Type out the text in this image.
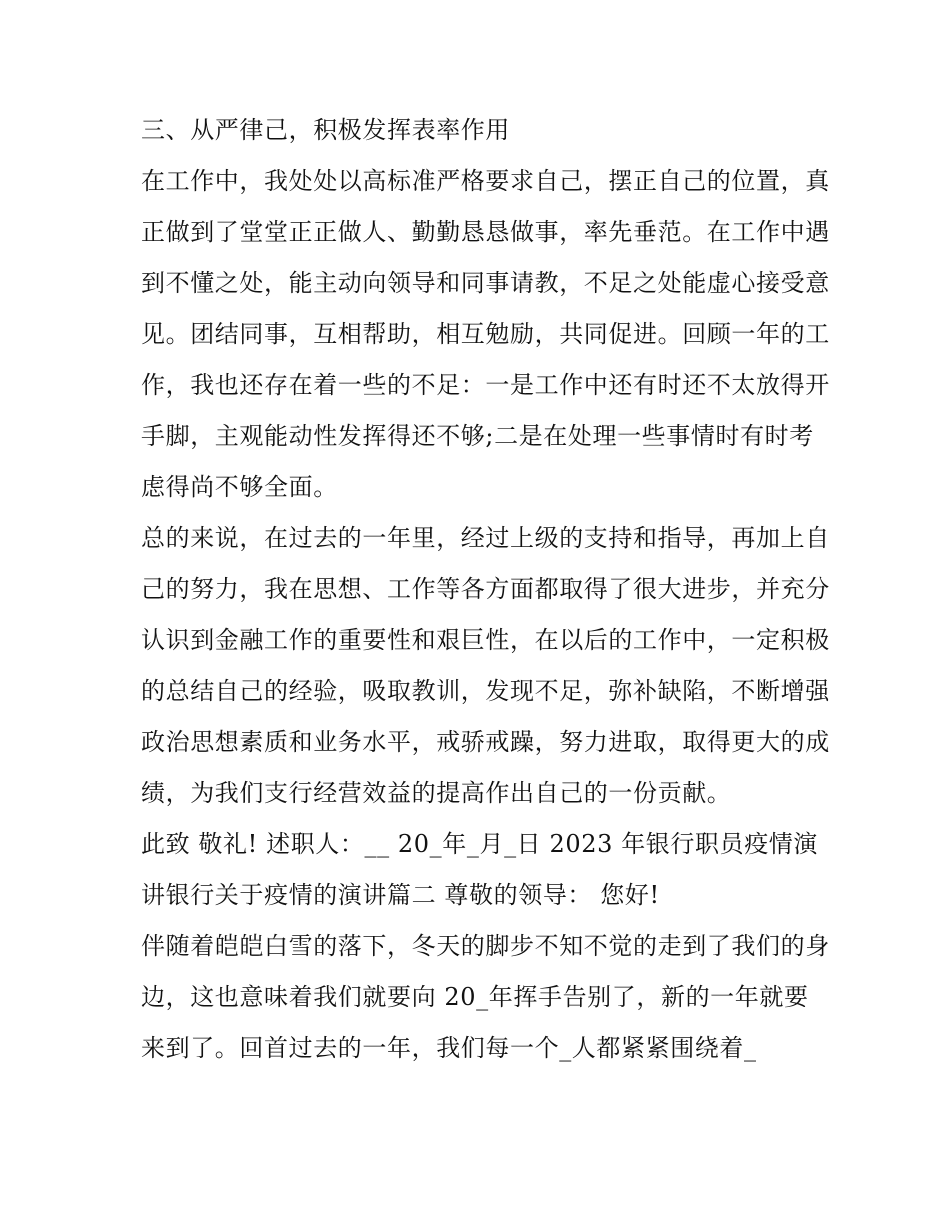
三、从严律己，积极发挥表率作用

在工作中，我处处以高标准严格要求自己，摆正自己的位置，真正做到了堂堂正正做人、勤勤恳恳做事，率先垂范。在工作中遇到不懂之处，能主动向领导和同事请教，不足之处能虚心接受意见。团结同事，互相帮助，相互勉励，共同促进。回顾一年的工作，我也还存在着一些的不足：一是工作中还有时还不太放得开手脚，主观能动性发挥得还不够;二是在处理一些事情时有时考虑得尚不够全面。

总的来说，在过去的一年里，经过上级的支持和指导，再加上自己的努力，我在思想、工作等各方面都取得了很大进步，并充分认识到金融工作的重要性和艰巨性，在以后的工作中，一定积极的总结自己的经验，吸取教训，发现不足，弥补缺陷，不断增强政治思想素质和业务水平，戒骄戒躁，努力进取，取得更大的成绩，为我们支行经营效益的提高作出自己的一份贡献。

此致 敬礼! 述职人：__ 20_年_月_日 2023 年银行职员疫情演讲银行关于疫情的演讲篇二 尊敬的领导： 您好!

伴随着皑皑白雪的落下，冬天的脚步不知不觉的走到了我们的身边，这也意味着我们就要向 20_年挥手告别了，新的一年就要来到了。回首过去的一年，我们每一个_人都紧紧围绕着_
